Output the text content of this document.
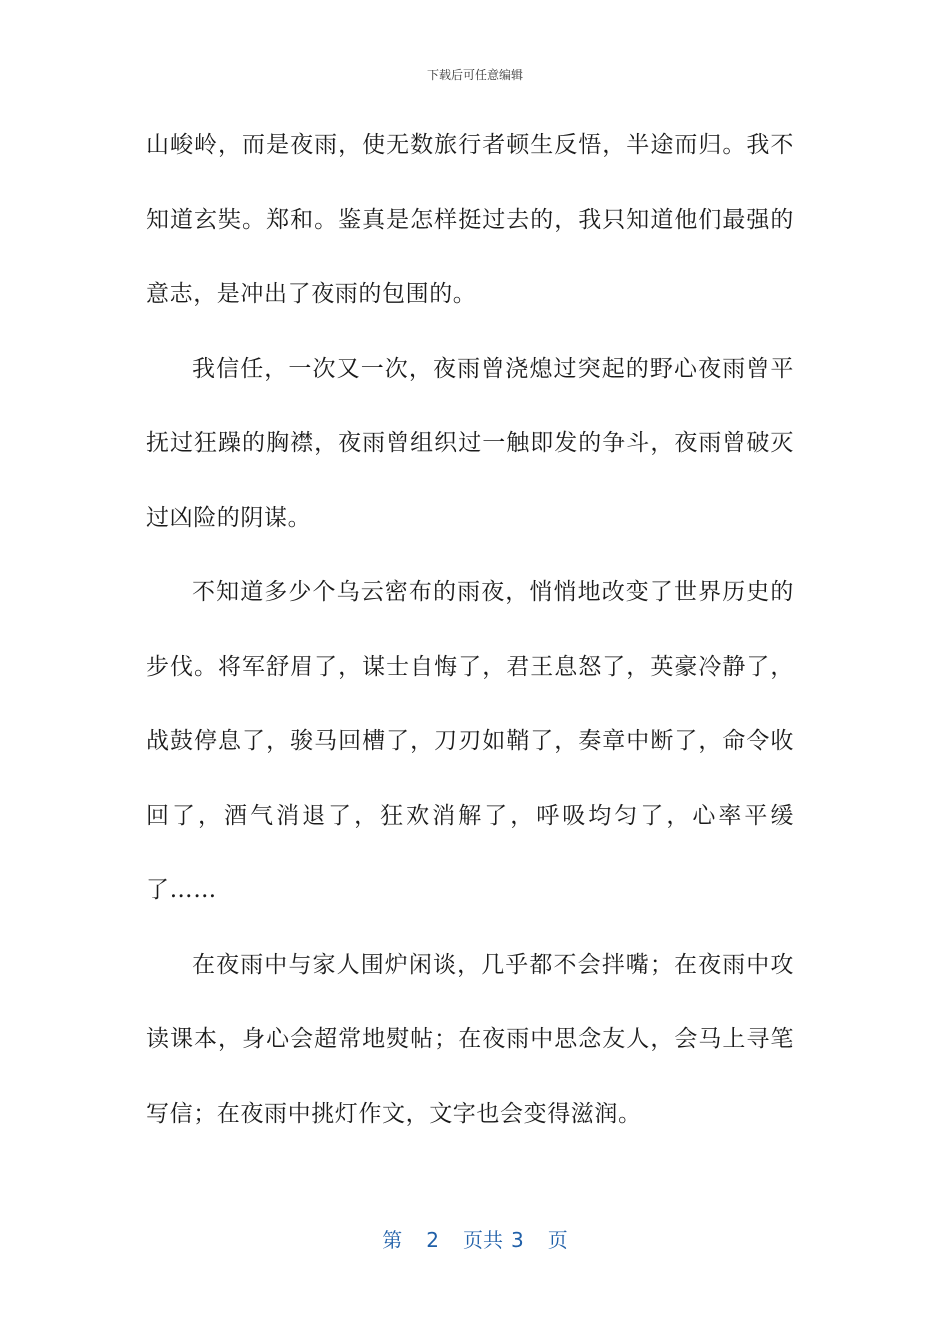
下载后可任意编辑

山峻岭，而是夜雨，使无数旅行者顿生反悟，半途而归。我不知道玄奘。郑和。鉴真是怎样挺过去的，我只知道他们最强的意志，是冲出了夜雨的包围的。

我信任，一次又一次，夜雨曾浇熄过突起的野心夜雨曾平抚过狂躁的胸襟，夜雨曾组织过一触即发的争斗，夜雨曾破灭过凶险的阴谋。

不知道多少个乌云密布的雨夜，悄悄地改变了世界历史的步伐。将军舒眉了，谋士自悔了，君王息怒了，英豪冷静了，战鼓停息了，骏马回槽了，刀刃如鞘了，奏章中断了，命令收回了，酒气消退了，狂欢消解了，呼吸均匀了，心率平缓了……

在夜雨中与家人围炉闲谈，几乎都不会拌嘴；在夜雨中攻读课本，身心会超常地熨帖；在夜雨中思念友人，会马上寻笔写信；在夜雨中挑灯作文，文字也会变得滋润。

第 2 页共 3 页
